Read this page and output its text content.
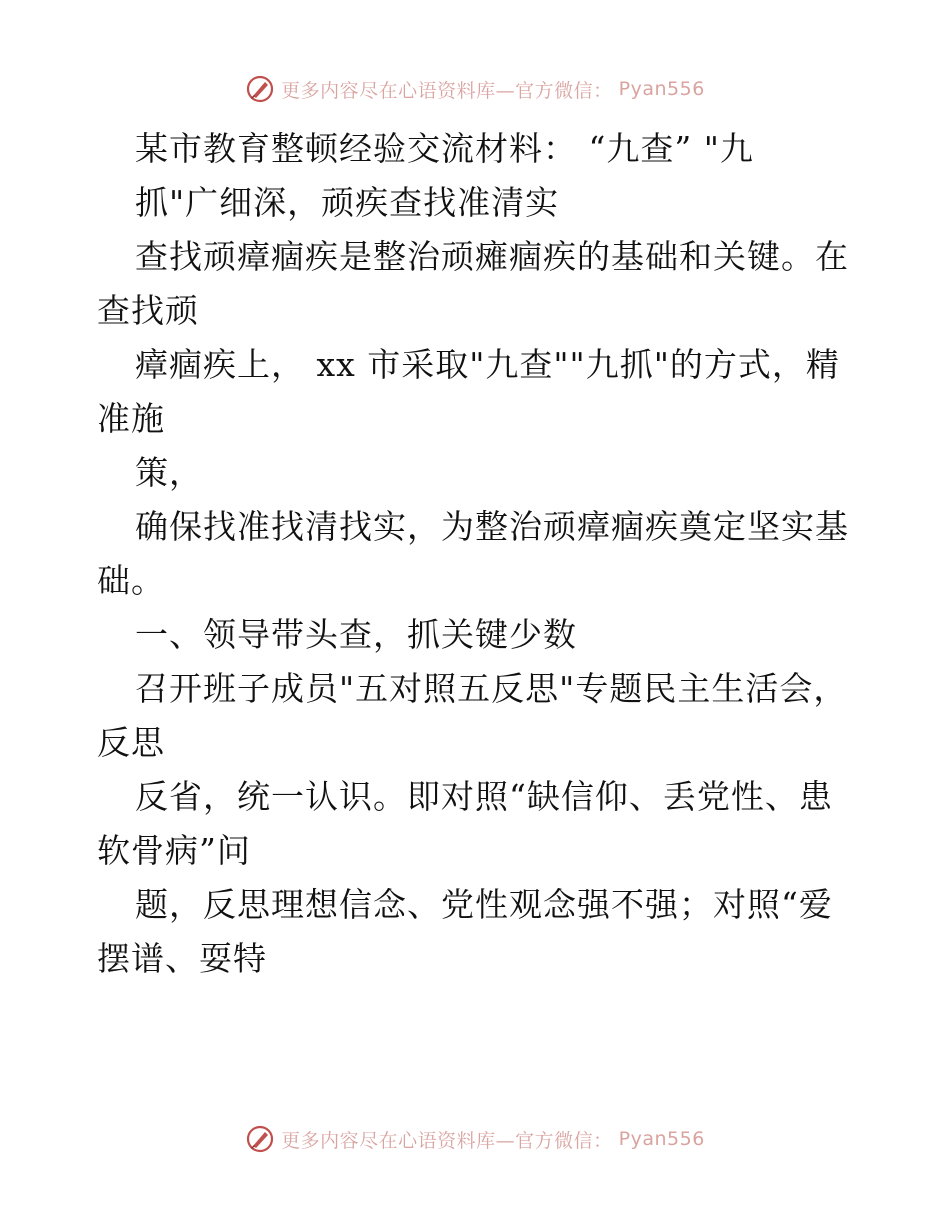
更多内容尽在心语资料库—官方微信： Pyan556
某市教育整顿经验交流材料： “九查” "九
抓"广细深，顽疾查找准清实
查找顽瘴痼疾是整治顽瘫痼疾的基础和关键。在
查找顽
瘴痼疾上， xx 市采取"九查""九抓"的方式，精
准施
策，
确保找准找清找实，为整治顽瘴痼疾奠定坚实基
础。
一、领导带头查，抓关键少数
召开班子成员"五对照五反思"专题民主生活会，
反思
反省，统一认识。即对照“缺信仰、丢党性、患
软骨病”问
题，反思理想信念、党性观念强不强；对照“爱
摆谱、耍特
更多内容尽在心语资料库—官方微信： Pyan556
